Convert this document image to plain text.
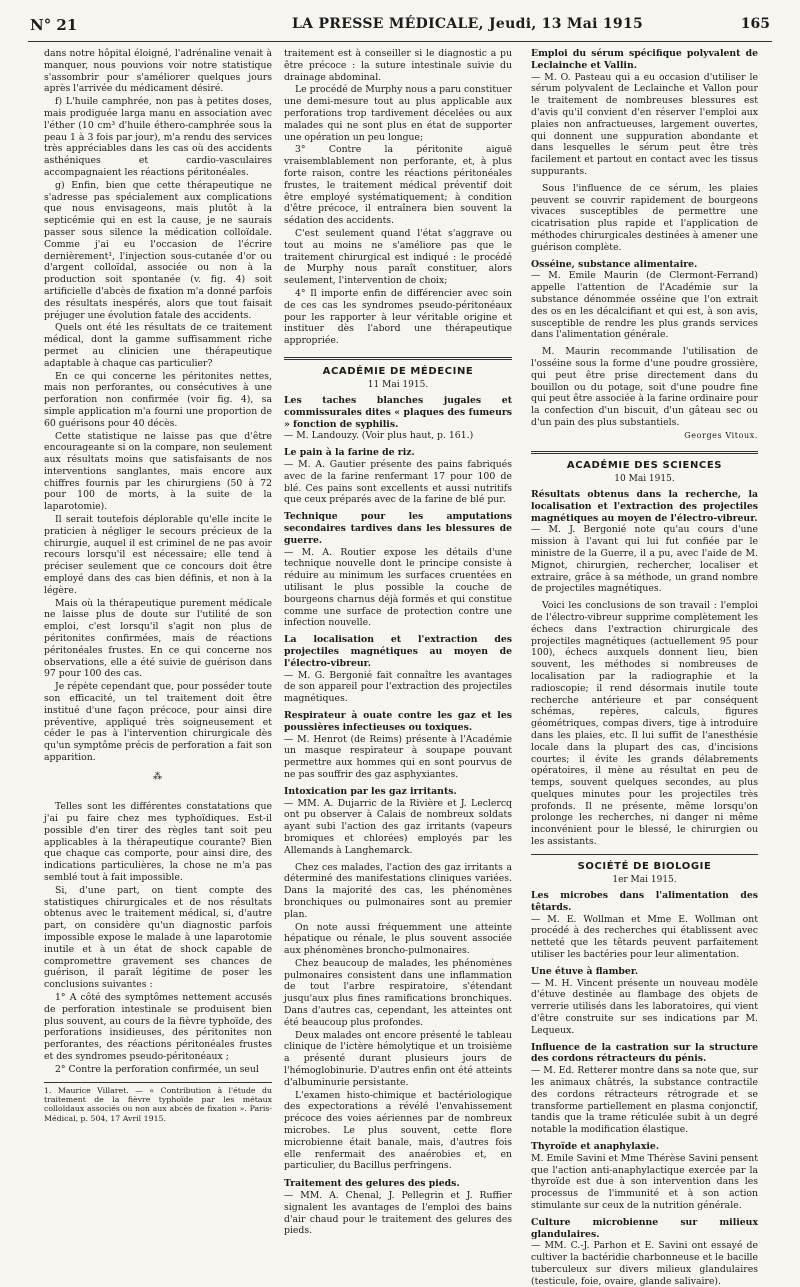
N° 21	LA PRESSE MÉDICALE, Jeudi, 13 Mai 1915	165

dans notre hôpital éloigné, l'adrénaline venait à manquer, nous pouvions voir notre statistique s'assombrir pour s'améliorer quelques jours après l'arrivée du médicament désiré.

f) L'huile camphrée, non pas à petites doses, mais prodiguée larga manu en association avec l'éther (10 cm³ d'huile éthero-camphrée sous la peau 1 à 3 fois par jour), m'a rendu des services très appréciables dans les cas où des accidents asthéniques et cardio-vasculaires accompagnaient les réactions péritonéales.

g) Enfin, bien que cette thérapeutique ne s'adresse pas spécialement aux complications que nous envisageons, mais plutôt à la septicémie qui en est la cause, je ne saurais passer sous silence la médication colloïdale. Comme j'ai eu l'occasion de l'écrire dernièrement¹, l'injection sous-cutanée d'or ou d'argent colloïdal, associée ou non à la production soit spontanée (v. fig. 4) soit artificielle d'abcès de fixation m'a donné parfois des résultats inespérés, alors que tout faisait préjuger une évolution fatale des accidents.

Quels ont été les résultats de ce traitement médical, dont la gamme suffisamment riche permet au clinicien une thérapeutique adaptable à chaque cas particulier?

En ce qui concerne les péritonites nettes, mais non perforantes, ou consécutives à une perforation non confirmée (voir fig. 4), sa simple application m'a fourni une proportion de 60 guérisons pour 40 décès.

Cette statistique ne laisse pas que d'être encourageante si on la compare, non seulement aux résultats moins que satisfaisants de nos interventions sanglantes, mais encore aux chiffres fournis par les chirurgiens (50 à 72 pour 100 de morts, à la suite de la laparotomie).

Il serait toutefois déplorable qu'elle incite le praticien à négliger le secours précieux de la chirurgie, auquel il est criminel de ne pas avoir recours lorsqu'il est nécessaire; elle tend à préciser seulement que ce concours doit être employé dans des cas bien définis, et non à la légère.

Mais où la thérapeutique purement médicale ne laisse plus de doute sur l'utilité de son emploi, c'est lorsqu'il s'agit non plus de péritonites confirmées, mais de réactions péritonéales frustes. En ce qui concerne nos observations, elle a été suivie de guérison dans 97 pour 100 des cas.

Je répète cependant que, pour posséder toute son efficacité, un tel traitement doit être institué d'une façon précoce, pour ainsi dire préventive, appliqué très soigneusement et céder le pas à l'intervention chirurgicale dès qu'un symptôme précis de perforation a fait son apparition.

⁂

Telles sont les différentes constatations que j'ai pu faire chez mes typhoïdiques. Est-il possible d'en tirer des règles tant soit peu applicables à la thérapeutique courante? Bien que chaque cas comporte, pour ainsi dire, des indications particulières, la chose ne m'a pas semblé tout à fait impossible.

Si, d'une part, on tient compte des statistiques chirurgicales et de nos résultats obtenus avec le traitement médical, si, d'autre part, on considère qu'un diagnostic parfois impossible expose le malade à une laparotomie inutile et à un état de shock capable de compromettre gravement ses chances de guérison, il paraît légitime de poser les conclusions suivantes :

1° A côté des symptômes nettement accusés de perforation intestinale se produisent bien plus souvent, au cours de la fièvre typhoïde, des perforations insidieuses, des péritonites non perforantes, des réactions péritonéales frustes et des syndromes pseudo-péritonéaux ;

2° Contre la perforation confirmée, un seul

1. Maurice Villaret. — « Contribution à l'étude du traitement de la fièvre typhoïde par les métaux colloïdaux associés ou non aux abcès de fixation ». Paris-Médical, p. 504, 17 Avril 1915.

traitement est à conseiller si le diagnostic a pu être précoce : la suture intestinale suivie du drainage abdominal.

Le procédé de Murphy nous a paru constituer une demi-mesure tout au plus applicable aux perforations trop tardivement décelées ou aux malades qui ne sont plus en état de supporter une opération un peu longue;

3° Contre la péritonite aiguë vraisemblablement non perforante, et, à plus forte raison, contre les réactions péritonéales frustes, le traitement médical préventif doit être employé systématiquement; à condition d'être précoce, il entraînera bien souvent la sédation des accidents.

C'est seulement quand l'état s'aggrave ou tout au moins ne s'améliore pas que le traitement chirurgical est indiqué : le procédé de Murphy nous paraît constituer, alors seulement, l'intervention de choix;

4° Il importe enfin de différencier avec soin de ces cas les syndromes pseudo-péritonéaux pour les rapporter à leur véritable origine et instituer dès l'abord une thérapeutique appropriée.

ACADÉMIE DE MÉDECINE
11 Mai 1915.
Les taches blanches jugales et commissurales dites « plaques des fumeurs » fonction de syphilis.
— M. Landouzy. (Voir plus haut, p. 161.)
Le pain à la farine de riz.
— M. A. Gautier présente des pains fabriqués avec de la farine renfermant 17 pour 100 de blé. Ces pains sont excellents et aussi nutritifs que ceux préparés avec de la farine de blé pur.
Technique pour les amputations secondaires tardives dans les blessures de guerre.
— M. A. Routier expose les détails d'une technique nouvelle dont le principe consiste à réduire au minimum les surfaces cruentées en utilisant le plus possible la couche de bourgeons charnus déjà formés et qui constitue comme une surface de protection contre une infection nouvelle.
La localisation et l'extraction des projectiles magnétiques au moyen de l'électro-vibreur.
— M. G. Bergonié fait connaître les avantages de son appareil pour l'extraction des projectiles magnétiques.
Respirateur à ouate contre les gaz et les poussières infectieuses ou toxiques.
— M. Henrot (de Reims) présente à l'Académie un masque respirateur à soupape pouvant permettre aux hommes qui en sont pourvus de ne pas souffrir des gaz asphyxiantes.
Intoxication par les gaz irritants.
— MM. A. Dujarric de la Rivière et J. Leclercq ont pu observer à Calais de nombreux soldats ayant subi l'action des gaz irritants (vapeurs bromiques et chlorées) employés par les Allemands à Langhemarck.

Chez ces malades, l'action des gaz irritants a déterminé des manifestations cliniques variées. Dans la majorité des cas, les phénomènes bronchiques ou pulmonaires sont au premier plan.

On note aussi fréquemment une atteinte hépatique ou rénale, le plus souvent associée aux phénomènes broncho-pulmonaires.

Chez beaucoup de malades, les phénomènes pulmonaires consistent dans une inflammation de tout l'arbre respiratoire, s'étendant jusqu'aux plus fines ramifications bronchiques. Dans d'autres cas, cependant, les atteintes ont été beaucoup plus profondes.

Deux malades ont encore présenté le tableau clinique de l'ictère hémolytique et un troisième a présenté durant plusieurs jours de l'hémoglobinurie. D'autres enfin ont été atteints d'albuminurie persistante.

L'examen histo-chimique et bactériologique des expectorations a révélé l'envahissement précoce des voies aériennes par de nombreux microbes. Le plus souvent, cette flore microbienne était banale, mais, d'autres fois elle renfermait des anaérobies et, en particulier, du Bacillus perfringens.

Traitement des gelures des pieds.
— MM. A. Chenal, J. Pellegrin et J. Ruffier signalent les avantages de l'emploi des bains d'air chaud pour le traitement des gelures des pieds.
Emploi du sérum spécifique polyvalent de Leclainche et Vallin.
— M. O. Pasteau qui a eu occasion d'utiliser le sérum polyvalent de Leclainche et Vallon pour le traitement de nombreuses blessures est d'avis qu'il convient d'en réserver l'emploi aux plaies non anfractueuses, largement ouvertes, qui donnent une suppuration abondante et dans lesquelles le sérum peut être très facilement et partout en contact avec les tissus suppurants.

Sous l'influence de ce sérum, les plaies peuvent se couvrir rapidement de bourgeons vivaces susceptibles de permettre une cicatrisation plus rapide et l'application de méthodes chirurgicales destinées à amener une guérison complète.

Osséine, substance alimentaire.
— M. Emile Maurin (de Clermont-Ferrand) appelle l'attention de l'Académie sur la substance dénommée osséine que l'on extrait des os en les décalcifiant et qui est, à son avis, susceptible de rendre les plus grands services dans l'alimentation générale.

M. Maurin recommande l'utilisation de l'osséine sous la forme d'une poudre grossière, qui peut être prise directement dans du bouillon ou du potage, soit d'une poudre fine qui peut être associée à la farine ordinaire pour la confection d'un biscuit, d'un gâteau sec ou d'un pain des plus substantiels.

Georges Vitoux.
ACADÉMIE DES SCIENCES
10 Mai 1915.
Résultats obtenus dans la recherche, la localisation et l'extraction des projectiles magnétiques au moyen de l'électro-vibreur.
— M. J. Bergonié note qu'au cours d'une mission à l'avant qui lui fut confiée par le ministre de la Guerre, il a pu, avec l'aide de M. Mignot, chirurgien, rechercher, localiser et extraire, grâce à sa méthode, un grand nombre de projectiles magnétiques.

Voici les conclusions de son travail : l'emploi de l'électro-vibreur supprime complètement les échecs dans l'extraction chirurgicale des projectiles magnétiques (actuellement 95 pour 100), échecs auxquels donnent lieu, bien souvent, les méthodes si nombreuses de localisation par la radiographie et la radioscopie; il rend désormais inutile toute recherche antérieure et par conséquent schémas, repères, calculs, figures géométriques, compas divers, tige à introduire dans les plaies, etc. Il lui suffit de l'anesthésie locale dans la plupart des cas, d'incisions courtes; il évite les grands délabrements opératoires, il mène au résultat en peu de temps, souvent quelques secondes, au plus quelques minutes pour les projectiles très profonds. Il ne présente, même lorsqu'on prolonge les recherches, ni danger ni même inconvénient pour le blessé, le chirurgien ou les assistants.

SOCIÉTÉ DE BIOLOGIE
1er Mai 1915.
Les microbes dans l'alimentation des têtards.
— M. E. Wollman et Mme E. Wollman ont procédé à des recherches qui établissent avec netteté que les têtards peuvent parfaitement utiliser les bactéries pour leur alimentation.
Une étuve à flamber.
— M. H. Vincent présente un nouveau modèle d'étuve destinée au flambage des objets de verrerie utilisés dans les laboratoires, qui vient d'être construite sur ses indications par M. Lequeux.
Influence de la castration sur la structure des cordons rétracteurs du pénis.
— M. Ed. Retterer montre dans sa note que, sur les animaux châtrés, la substance contractile des cordons rétracteurs rétrograde et se transforme partiellement en plasma conjonctif, tandis que la trame réticulée subit à un degré notable la modification élastique.
Thyroïde et anaphylaxie.
M. Emile Savini et Mme Thérèse Savini pensent que l'action anti-anaphylactique exercée par la thyroïde est due à son intervention dans les processus de l'immunité et à son action stimulante sur ceux de la nutrition générale.
Culture microbienne sur milieux glandulaires.
— MM. C.-J. Parhon et E. Savini ont essayé de cultiver la bactéridie charbonneuse et le bacille tuberculeux sur divers milieux glandulaires (testicule, foie, ovaire, glande salivaire).
